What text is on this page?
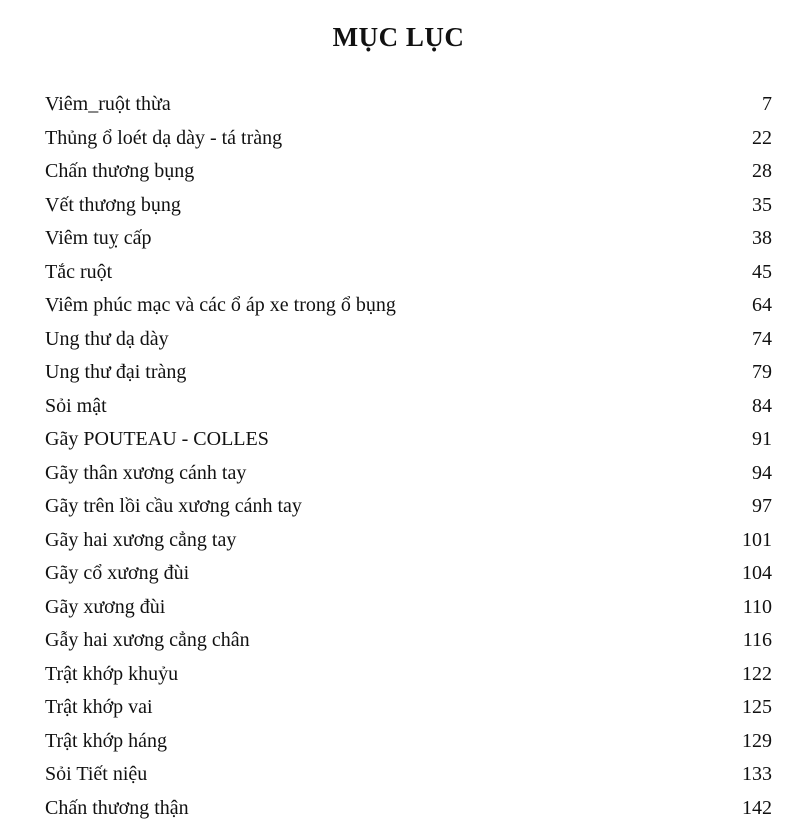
MỤC LỤC
Viêm_ruột thừa	7
Thủng ổ loét dạ dày - tá tràng	22
Chấn thương bụng	28
Vết thương bụng	35
Viêm tuỵ cấp	38
Tắc ruột	45
Viêm phúc mạc và các ổ áp xe trong ổ bụng	64
Ung thư dạ dày	74
Ung thư đại tràng	79
Sỏi mật	84
Gãy POUTEAU - COLLES	91
Gãy thân xương cánh tay	94
Gãy trên lồi cầu xương cánh tay	97
Gãy hai xương cẳng tay	101
Gãy cổ xương đùi	104
Gãy xương đùi	110
Gẫy hai xương cẳng chân	116
Trật khớp khuỷu	122
Trật khớp vai	125
Trật khớp háng	129
Sỏi Tiết niệu	133
Chấn thương thận	142
